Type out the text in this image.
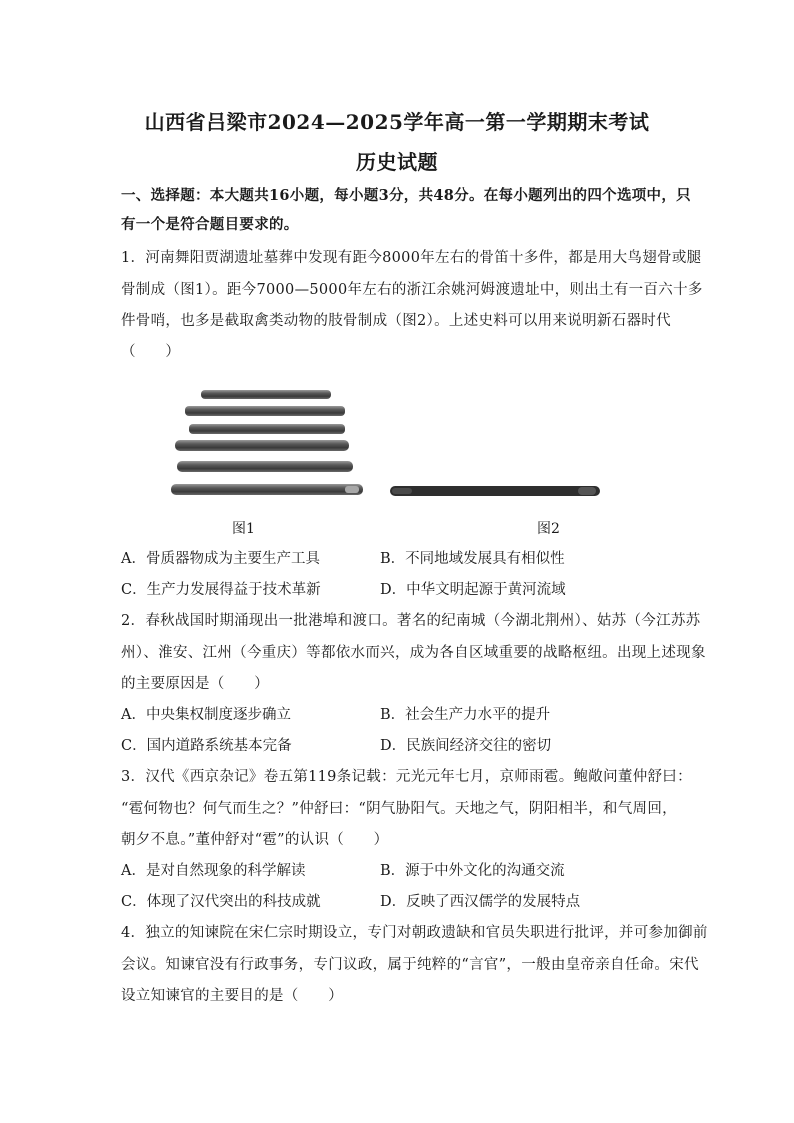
山西省吕梁市2024—2025学年高一第一学期期末考试
历史试题
一、选择题：本大题共16小题，每小题3分，共48分。在每小题列出的四个选项中，只
有一个是符合题目要求的。
1．河南舞阳贾湖遗址墓葬中发现有距今8000年左右的骨笛十多件，都是用大鸟翅骨或腿
骨制成（图1）。距今7000—5000年左右的浙江余姚河姆渡遗址中，则出土有一百六十多
件骨哨，也多是截取禽类动物的肢骨制成（图2）。上述史料可以用来说明新石器时代
（　　）
图1	图2
A．骨质器物成为主要生产工具	B．不同地域发展具有相似性
C．生产力发展得益于技术革新	D．中华文明起源于黄河流域
2．春秋战国时期涌现出一批港埠和渡口。著名的纪南城（今湖北荆州）、姑苏（今江苏苏
州）、淮安、江州（今重庆）等都依水而兴，成为各自区域重要的战略枢纽。出现上述现象
的主要原因是（　　）
A．中央集权制度逐步确立	B．社会生产力水平的提升
C．国内道路系统基本完备	D．民族间经济交往的密切
3．汉代《西京杂记》卷五第119条记载：元光元年七月，京师雨雹。鲍敞问董仲舒曰：
“雹何物也？何气而生之？”仲舒曰：“阴气胁阳气。天地之气，阴阳相半，和气周回，
朝夕不息。”董仲舒对“雹”的认识（　　）
A．是对自然现象的科学解读	B．源于中外文化的沟通交流
C．体现了汉代突出的科技成就	D．反映了西汉儒学的发展特点
4．独立的知谏院在宋仁宗时期设立，专门对朝政遗缺和官员失职进行批评，并可参加御前
会议。知谏官没有行政事务，专门议政，属于纯粹的“言官”，一般由皇帝亲自任命。宋代
设立知谏官的主要目的是（　　）
